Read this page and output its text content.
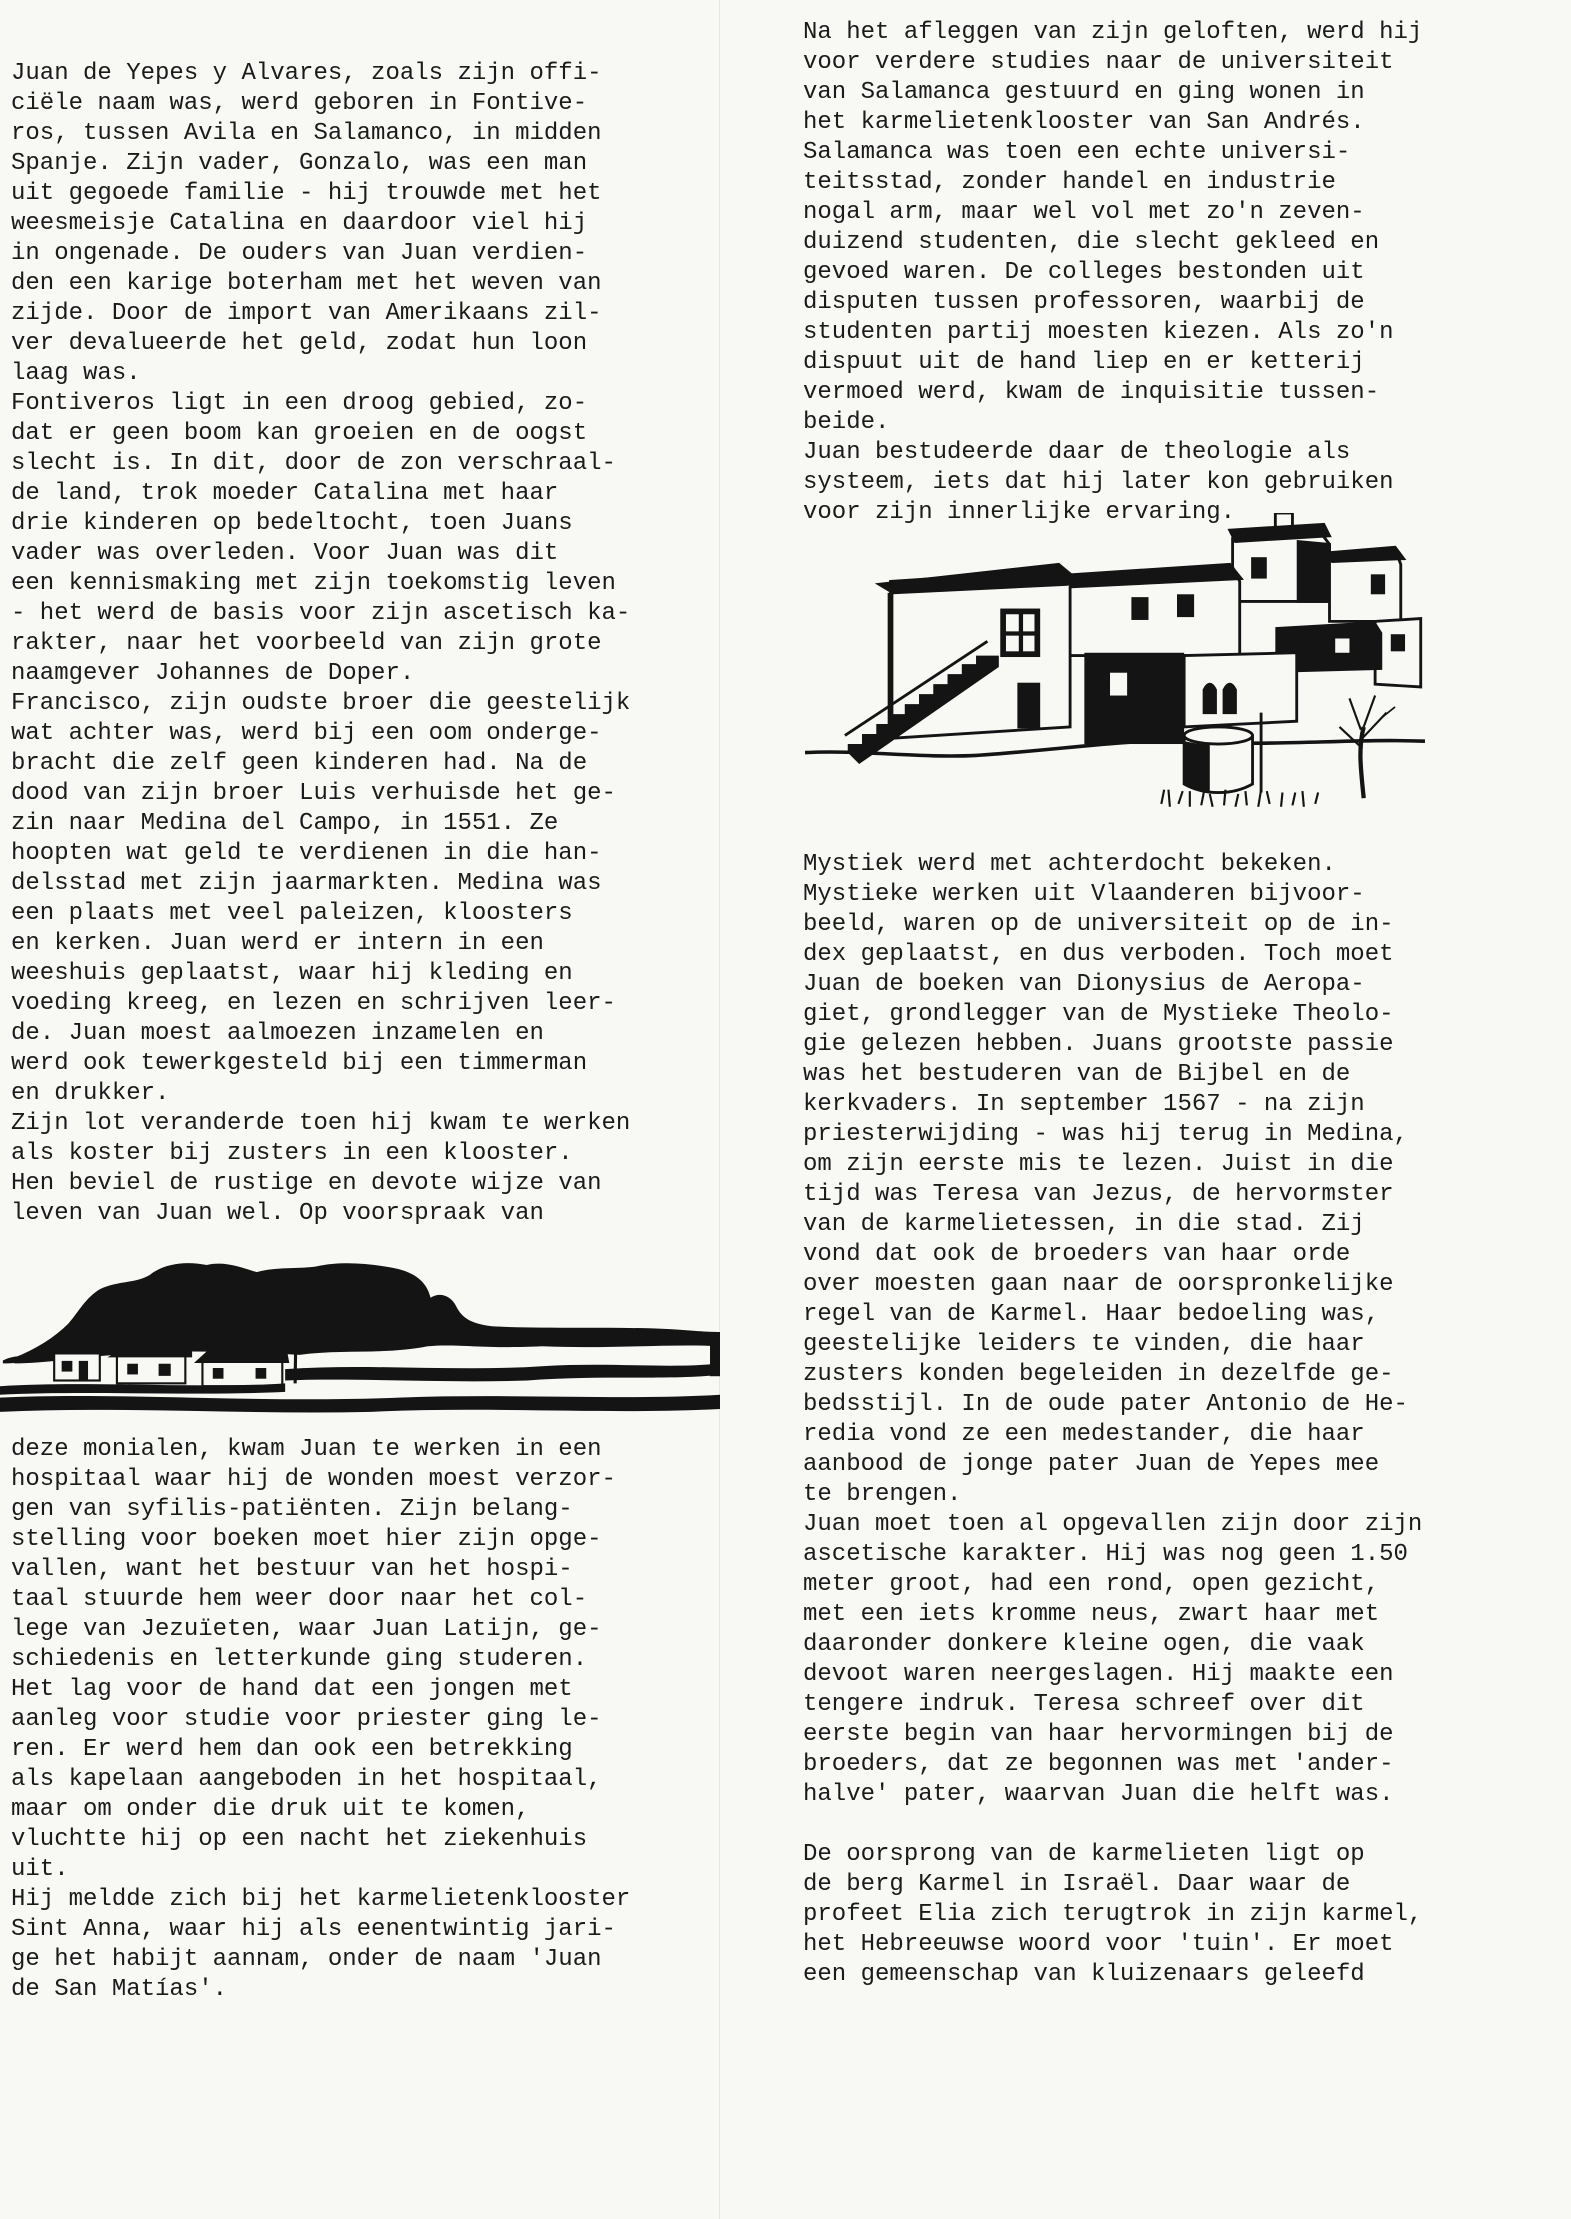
Juan de Yepes y Alvares, zoals zijn offi-
ciële naam was, werd geboren in Fontive-
ros, tussen Avila en Salamanco, in midden
Spanje. Zijn vader, Gonzalo, was een man
uit gegoede familie - hij trouwde met het
weesmeisje Catalina en daardoor viel hij
in ongenade. De ouders van Juan verdien-
den een karige boterham met het weven van
zijde. Door de import van Amerikaans zil-
ver devalueerde het geld, zodat hun loon
laag was.
Fontiveros ligt in een droog gebied, zo-
dat er geen boom kan groeien en de oogst
slecht is. In dit, door de zon verschraal-
de land, trok moeder Catalina met haar
drie kinderen op bedeltocht, toen Juans
vader was overleden. Voor Juan was dit
een kennismaking met zijn toekomstig leven
- het werd de basis voor zijn ascetisch ka-
rakter, naar het voorbeeld van zijn grote
naamgever Johannes de Doper.
Francisco, zijn oudste broer die geestelijk
wat achter was, werd bij een oom onderge-
bracht die zelf geen kinderen had. Na de
dood van zijn broer Luis verhuisde het ge-
zin naar Medina del Campo, in 1551. Ze
hoopten wat geld te verdienen in die han-
delsstad met zijn jaarmarkten. Medina was
een plaats met veel paleizen, kloosters
en kerken. Juan werd er intern in een
weeshuis geplaatst, waar hij kleding en
voeding kreeg, en lezen en schrijven leer-
de. Juan moest aalmoezen inzamelen en
werd ook tewerkgesteld bij een timmerman
en drukker.
Zijn lot veranderde toen hij kwam te werken
als koster bij zusters in een klooster.
Hen beviel de rustige en devote wijze van
leven van Juan wel. Op voorspraak van
deze monialen, kwam Juan te werken in een
hospitaal waar hij de wonden moest verzor-
gen van syfilis-patiënten. Zijn belang-
stelling voor boeken moet hier zijn opge-
vallen, want het bestuur van het hospi-
taal stuurde hem weer door naar het col-
lege van Jezuïeten, waar Juan Latijn, ge-
schiedenis en letterkunde ging studeren.
Het lag voor de hand dat een jongen met
aanleg voor studie voor priester ging le-
ren. Er werd hem dan ook een betrekking
als kapelaan aangeboden in het hospitaal,
maar om onder die druk uit te komen,
vluchtte hij op een nacht het ziekenhuis
uit.
Hij meldde zich bij het karmelietenklooster
Sint Anna, waar hij als eenentwintig jari-
ge het habijt aannam, onder de naam 'Juan
de San Matías'.
Na het afleggen van zijn geloften, werd hij
voor verdere studies naar de universiteit
van Salamanca gestuurd en ging wonen in
het karmelietenklooster van San Andrés.
Salamanca was toen een echte universi-
teitsstad, zonder handel en industrie
nogal arm, maar wel vol met zo'n zeven-
duizend studenten, die slecht gekleed en
gevoed waren. De colleges bestonden uit
disputen tussen professoren, waarbij de
studenten partij moesten kiezen. Als zo'n
dispuut uit de hand liep en er ketterij
vermoed werd, kwam de inquisitie tussen-
beide.
Juan bestudeerde daar de theologie als
systeem, iets dat hij later kon gebruiken
voor zijn innerlijke ervaring.
Mystiek werd met achterdocht bekeken.
Mystieke werken uit Vlaanderen bijvoor-
beeld, waren op de universiteit op de in-
dex geplaatst, en dus verboden. Toch moet
Juan de boeken van Dionysius de Aeropa-
giet, grondlegger van de Mystieke Theolo-
gie gelezen hebben. Juans grootste passie
was het bestuderen van de Bijbel en de
kerkvaders. In september 1567 - na zijn
priesterwijding - was hij terug in Medina,
om zijn eerste mis te lezen. Juist in die
tijd was Teresa van Jezus, de hervormster
van de karmelietessen, in die stad. Zij
vond dat ook de broeders van haar orde
over moesten gaan naar de oorspronkelijke
regel van de Karmel. Haar bedoeling was,
geestelijke leiders te vinden, die haar
zusters konden begeleiden in dezelfde ge-
bedsstijl. In de oude pater Antonio de He-
redia vond ze een medestander, die haar
aanbood de jonge pater Juan de Yepes mee
te brengen.
Juan moet toen al opgevallen zijn door zijn
ascetische karakter. Hij was nog geen 1.50
meter groot, had een rond, open gezicht,
met een iets kromme neus, zwart haar met
daaronder donkere kleine ogen, die vaak
devoot waren neergeslagen. Hij maakte een
tengere indruk. Teresa schreef over dit
eerste begin van haar hervormingen bij de
broeders, dat ze begonnen was met 'ander-
halve' pater, waarvan Juan die helft was.
De oorsprong van de karmelieten ligt op
de berg Karmel in Israël. Daar waar de
profeet Elia zich terugtrok in zijn karmel,
het Hebreeuwse woord voor 'tuin'. Er moet
een gemeenschap van kluizenaars geleefd
